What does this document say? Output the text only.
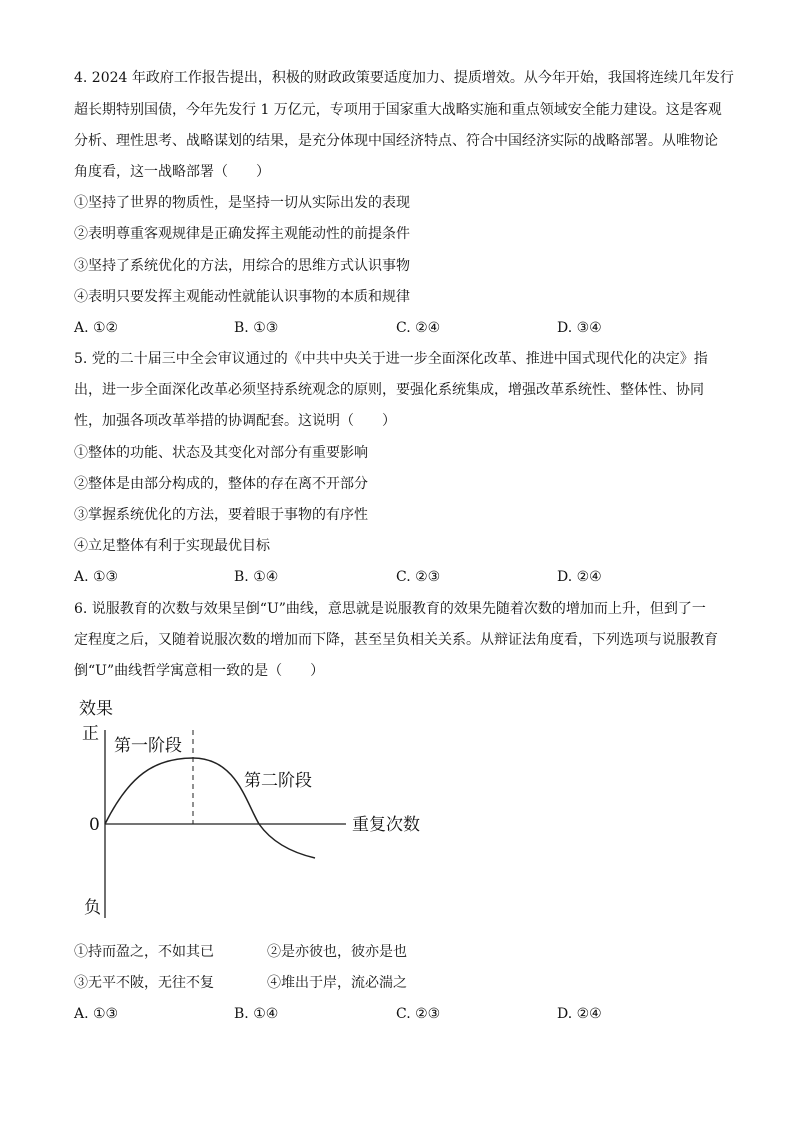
4. 2024 年政府工作报告提出，积极的财政政策要适度加力、提质增效。从今年开始，我国将连续几年发行
超长期特别国债，今年先发行 1 万亿元，专项用于国家重大战略实施和重点领域安全能力建设。这是客观
分析、理性思考、战略谋划的结果，是充分体现中国经济特点、符合中国经济实际的战略部署。从唯物论
角度看，这一战略部署（　　）
①坚持了世界的物质性，是坚持一切从实际出发的表现
②表明尊重客观规律是正确发挥主观能动性的前提条件
③坚持了系统优化的方法，用综合的思维方式认识事物
④表明只要发挥主观能动性就能认识事物的本质和规律
A. ①②	B. ①③	C. ②④	D. ③④
5. 党的二十届三中全会审议通过的《中共中央关于进一步全面深化改革、推进中国式现代化的决定》指
出，进一步全面深化改革必须坚持系统观念的原则，要强化系统集成，增强改革系统性、整体性、协同
性，加强各项改革举措的协调配套。这说明（　　）
①整体的功能、状态及其变化对部分有重要影响
②整体是由部分构成的，整体的存在离不开部分
③掌握系统优化的方法，要着眼于事物的有序性
④立足整体有利于实现最优目标
A. ①③	B. ①④	C. ②③	D. ②④
6. 说服教育的次数与效果呈倒“U”曲线，意思就是说服教育的效果先随着次数的增加而上升，但到了一
定程度之后，又随着说服次数的增加而下降，甚至呈负相关关系。从辩证法角度看，下列选项与说服教育
倒“U”曲线哲学寓意相一致的是（　　）
效果
正
0
负
重复次数
第一阶段
第二阶段
①持而盈之，不如其已	②是亦彼也，彼亦是也
③无平不陂，无往不复	④堆出于岸，流必湍之
A. ①③	B. ①④	C. ②③	D. ②④
